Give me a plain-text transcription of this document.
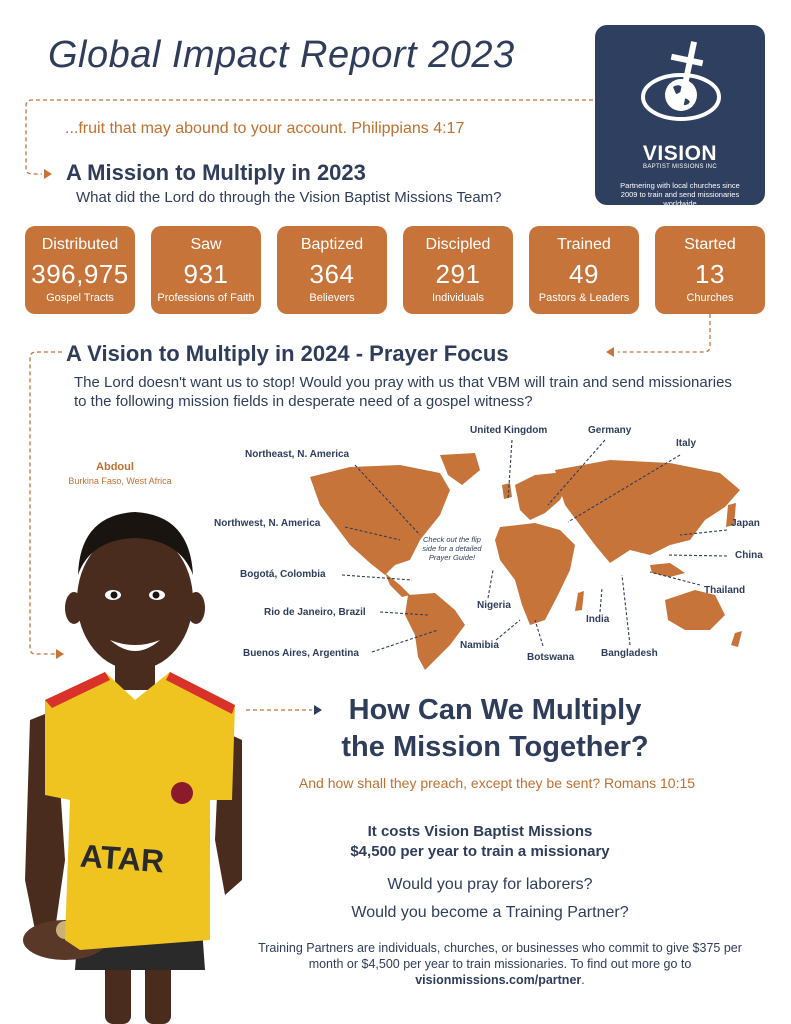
Global Impact Report 2023
VISION
BAPTIST MISSIONS INC
Partnering with local churches since 2009 to train and send missionaries worldwide
...fruit that may abound to your account. Philippians 4:17
A Mission to Multiply in 2023
What did the Lord do through the Vision Baptist Missions Team?
Distributed
396,975
Gospel Tracts
Saw
931
Professions of Faith
Baptized
364
Believers
Discipled
291
Individuals
Trained
49
Pastors & Leaders
Started
13
Churches
A Vision to Multiply in 2024 - Prayer Focus
The Lord doesn't want us to stop! Would you pray with us that VBM will train and send missionaries to the following mission fields in desperate need of a gospel witness?
United Kingdom	Germany
Italy
Northeast, N. America
Northwest, N. America	Japan
China
Thailand
Bogotá, Colombia
Rio de Janeiro, Brazil
Buenos Aires, Argentina
Nigeria
Namibia
Botswana
India
Bangladesh
Check out the flip side for a detailed Prayer Guide!
Abdoul
Burkina Faso, West Africa
ATAR
How Can We Multiply
the Mission Together?
And how shall they preach, except they be sent? Romans 10:15
It costs Vision Baptist Missions
$4,500 per year to train a missionary
Would you pray for laborers?
Would you become a Training Partner?
Training Partners are individuals, churches, or businesses who commit to give $375 per month or $4,500 per year to train missionaries. To find out more go to visionmissions.com/partner.
